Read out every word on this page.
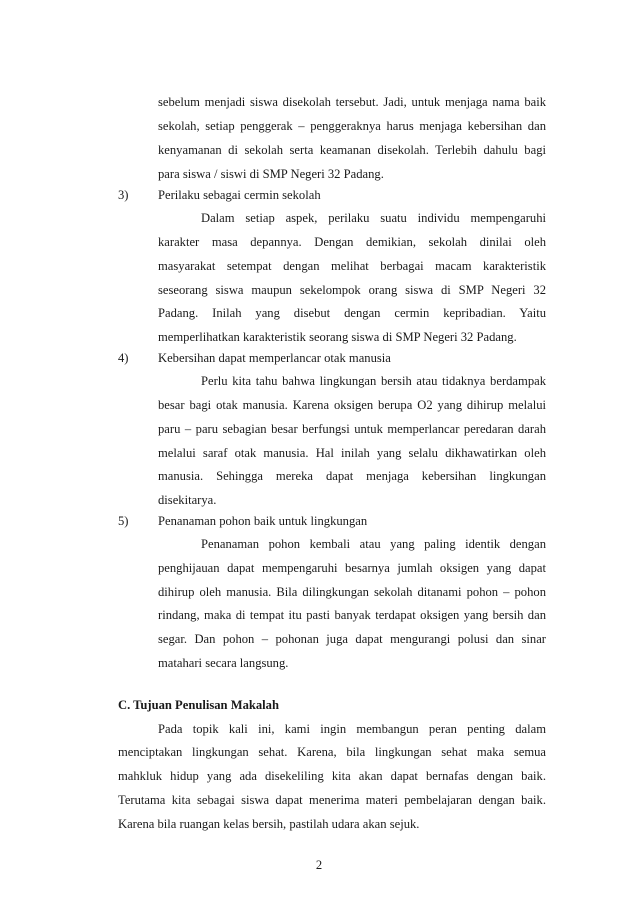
sebelum menjadi siswa disekolah tersebut. Jadi, untuk menjaga nama baik
sekolah, setiap penggerak – penggeraknya harus menjaga kebersihan dan
kenyamanan di sekolah serta keamanan disekolah. Terlebih dahulu bagi
para siswa / siswi di SMP Negeri 32 Padang.
3) Perilaku sebagai cermin sekolah
Dalam setiap aspek, perilaku suatu individu mempengaruhi
karakter masa depannya. Dengan demikian, sekolah dinilai oleh
masyarakat setempat dengan melihat berbagai macam karakteristik
seseorang siswa maupun sekelompok orang siswa di SMP Negeri 32
Padang. Inilah yang disebut dengan cermin kepribadian. Yaitu
memperlihatkan karakteristik seorang siswa di SMP Negeri 32 Padang.
4) Kebersihan dapat memperlancar otak manusia
Perlu kita tahu bahwa lingkungan bersih atau tidaknya berdampak
besar bagi otak manusia. Karena oksigen berupa O2 yang dihirup melalui
paru – paru sebagian besar berfungsi untuk memperlancar peredaran darah
melalui saraf otak manusia. Hal inilah yang selalu dikhawatirkan oleh
manusia. Sehingga mereka dapat menjaga kebersihan lingkungan
disekitarya.
5) Penanaman pohon baik untuk lingkungan
Penanaman pohon kembali atau yang paling identik dengan
penghijauan dapat mempengaruhi besarnya jumlah oksigen yang dapat
dihirup oleh manusia. Bila dilingkungan sekolah ditanami pohon – pohon
rindang, maka di tempat itu pasti banyak terdapat oksigen yang bersih dan
segar. Dan pohon – pohonan juga dapat mengurangi polusi dan sinar
matahari secara langsung.
C. Tujuan Penulisan Makalah
Pada topik kali ini, kami ingin membangun peran penting dalam
menciptakan lingkungan sehat. Karena, bila lingkungan sehat maka semua
mahkluk hidup yang ada disekeliling kita akan dapat bernafas dengan baik.
Terutama kita sebagai siswa dapat menerima materi pembelajaran dengan baik.
Karena bila ruangan kelas bersih, pastilah udara akan sejuk.
2
